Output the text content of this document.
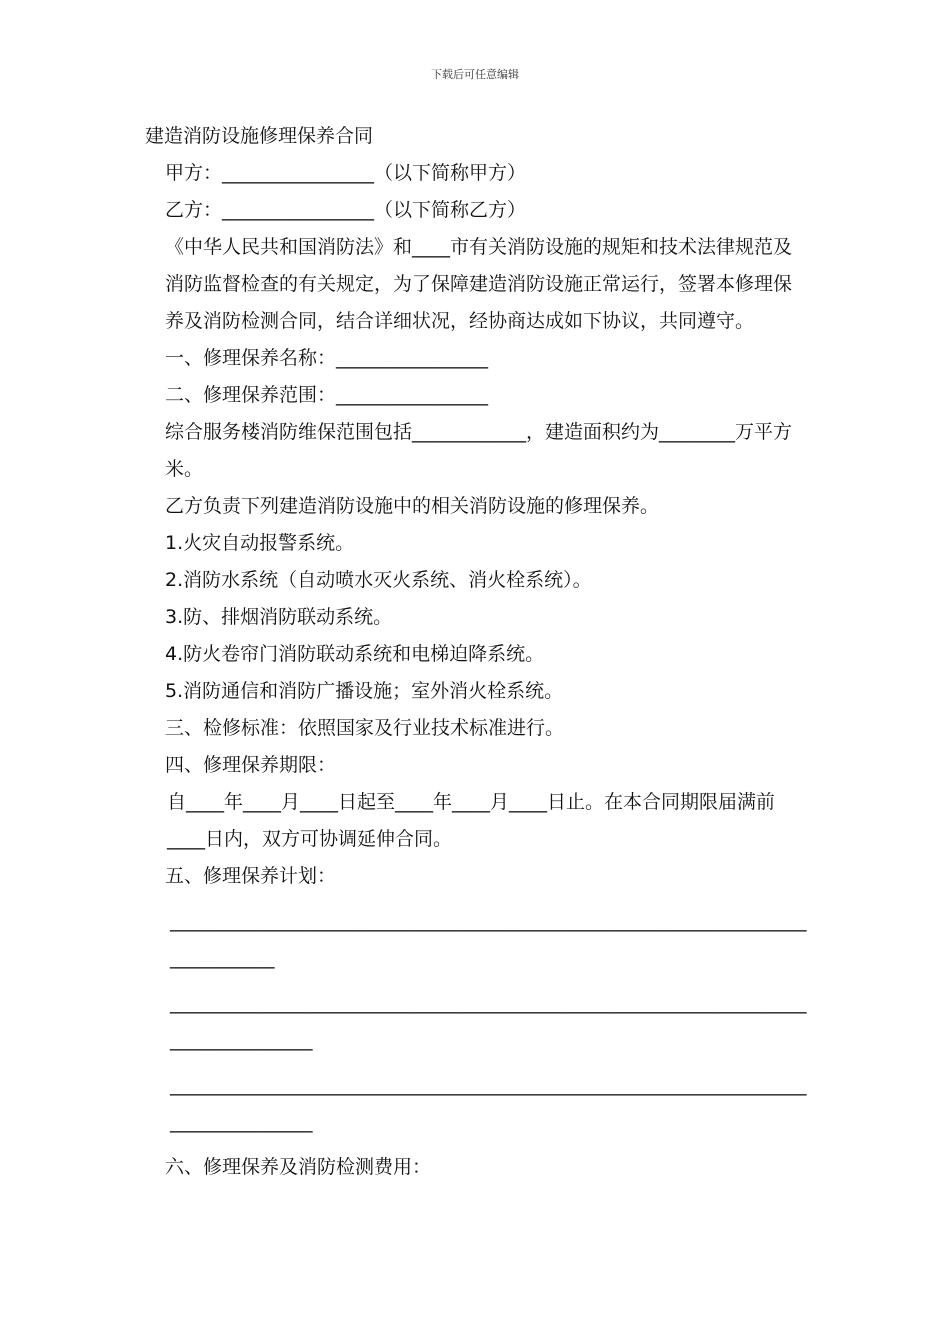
下载后可任意编辑

建造消防设施修理保养合同

甲方：________________（以下简称甲方）

乙方：________________（以下简称乙方）

《中华人民共和国消防法》和____市有关消防设施的规矩和技术法律规范及消防监督检查的有关规定，为了保障建造消防设施正常运行，签署本修理保养及消防检测合同，结合详细状况，经协商达成如下协议，共同遵守。

一、修理保养名称：________________

二、修理保养范围：________________

综合服务楼消防维保范围包括____________，建造面积约为________万平方米。

乙方负责下列建造消防设施中的相关消防设施的修理保养。

1.火灾自动报警系统。

2.消防水系统（自动喷水灭火系统、消火栓系统）。

3.防、排烟消防联动系统。

4.防火卷帘门消防联动系统和电梯迫降系统。

5.消防通信和消防广播设施；室外消火栓系统。

三、检修标准：依照国家及行业技术标准进行。

四、修理保养期限：

自____年____月____日起至____年____月____日止。在本合同期限届满前____日内，双方可协调延伸合同。

五、修理保养计划：

______________________________________________________________________________

__________________________________________________________________________________

__________________________________________________________________________________

六、修理保养及消防检测费用：
